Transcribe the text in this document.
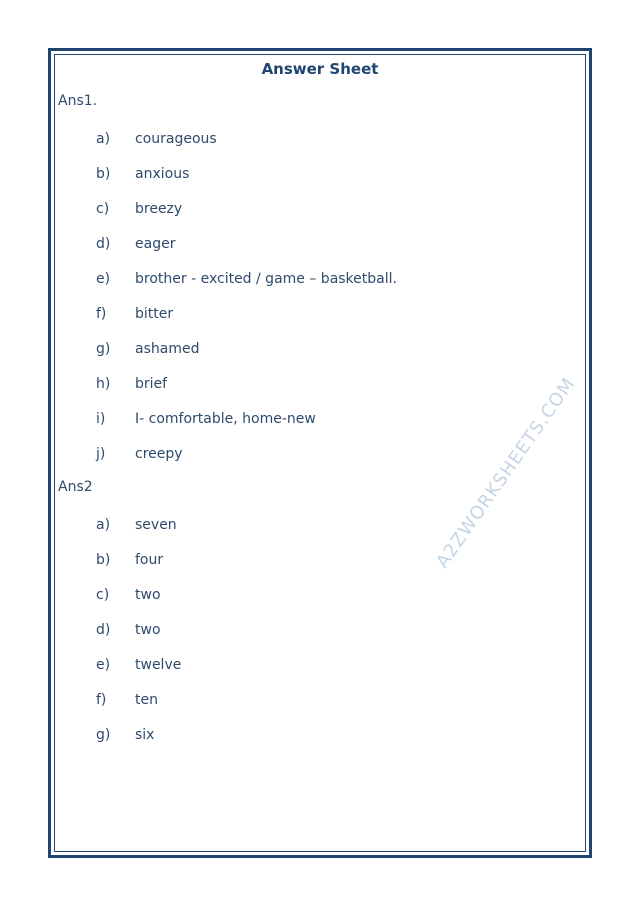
A2ZWORKSHEETS.COM
Answer Sheet
Ans1.
a)	courageous
b)	anxious
c)	breezy
d)	eager
e)	brother - excited / game – basketball.
f)	bitter
g)	ashamed
h)	brief
i)	I- comfortable, home-new
j)	creepy
Ans2
a)	seven
b)	four
c)	two
d)	two
e)	twelve
f)	ten
g)	six
